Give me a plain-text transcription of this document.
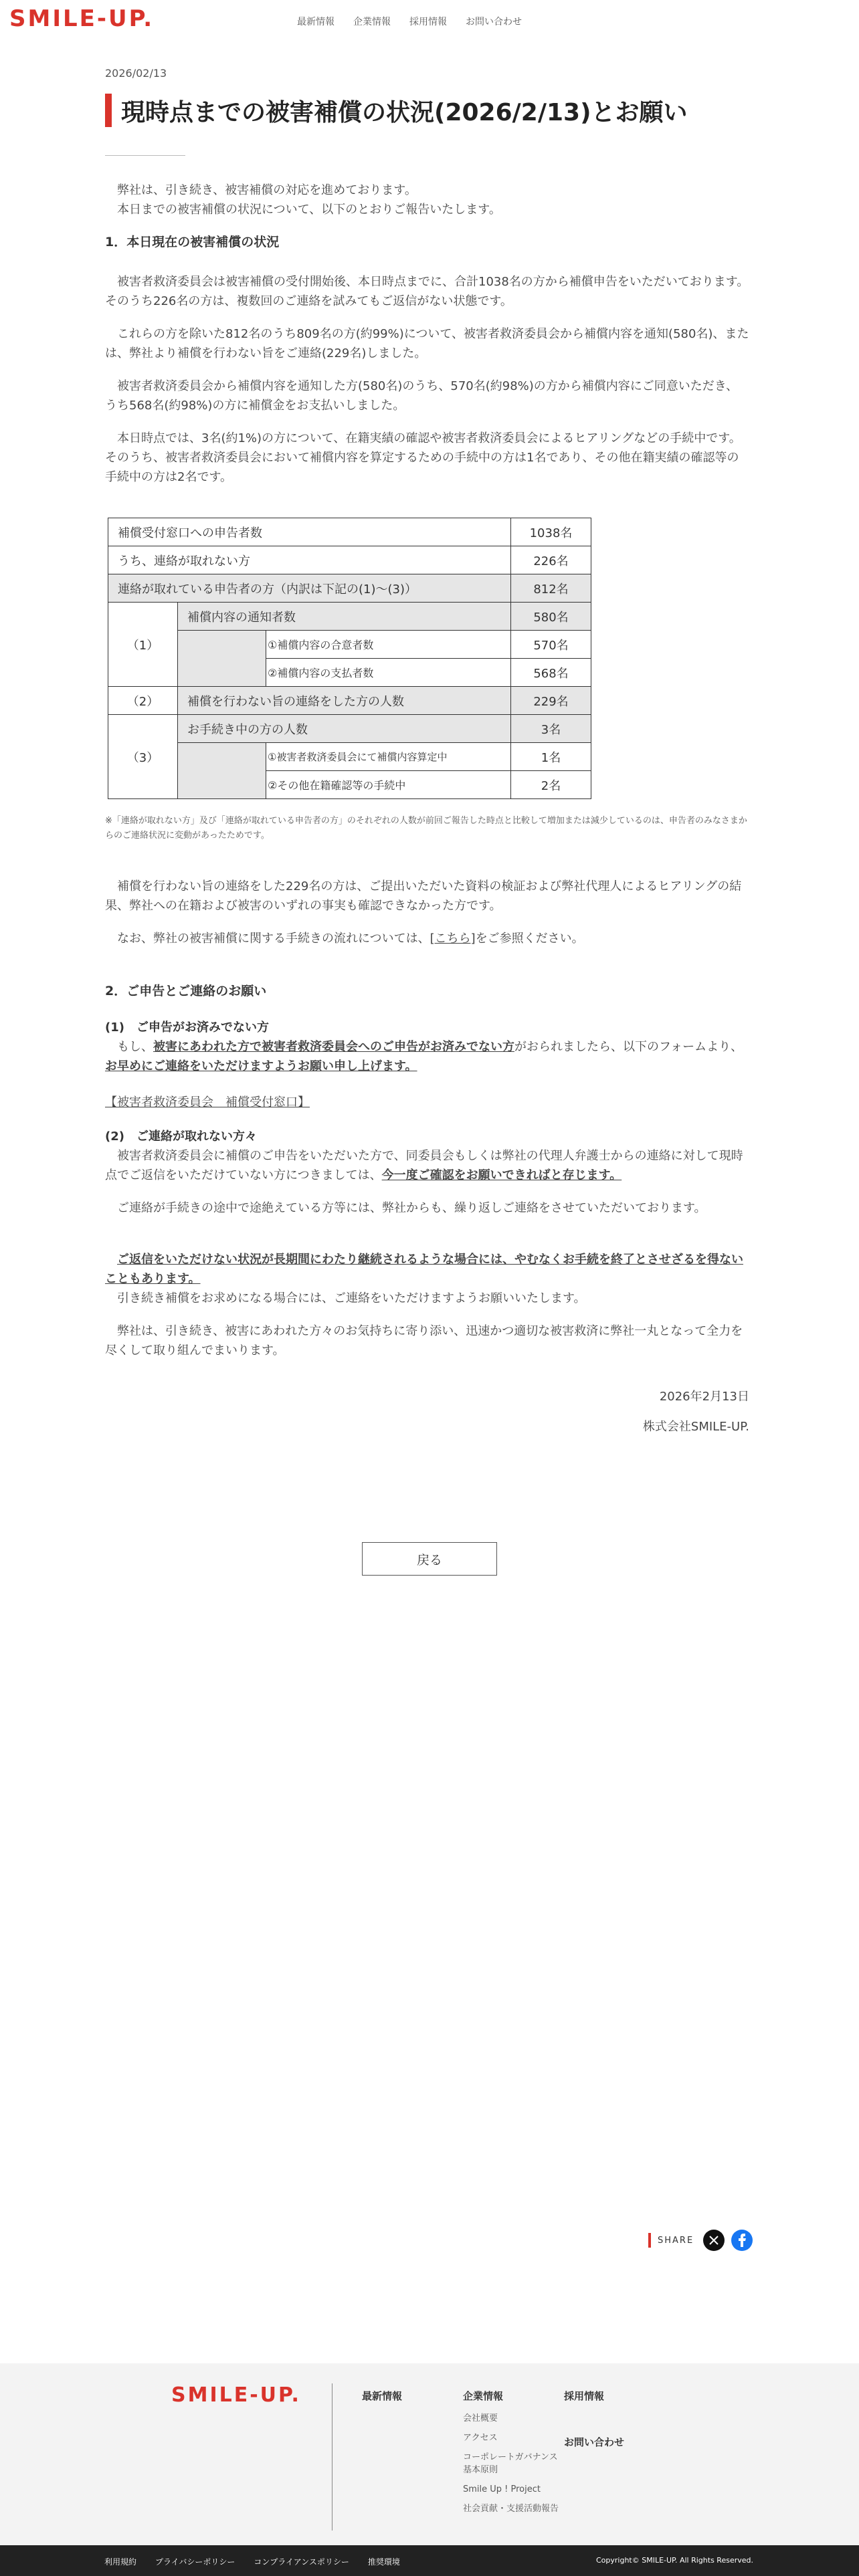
SMILE-UP.	最新情報 企業情報 採用情報 お問い合わせ
2026/02/13
現時点までの被害補償の状況(2026/2/13)とお願い

弊社は、引き続き、被害補償の対応を進めております。

本日までの被害補償の状況について、以下のとおりご報告いたします。

1．本日現在の被害補償の状況

被害者救済委員会は被害補償の受付開始後、本日時点までに、合計1038名の方から補償申告をいただいております。そのうち226名の方は、複数回のご連絡を試みてもご返信がない状態です。

これらの方を除いた812名のうち809名の方(約99%)について、被害者救済委員会から補償内容を通知(580名)、または、弊社より補償を行わない旨をご連絡(229名)しました。

被害者救済委員会から補償内容を通知した方(580名)のうち、570名(約98%)の方から補償内容にご同意いただき、うち568名(約98%)の方に補償金をお支払いしました。

本日時点では、3名(約1%)の方について、在籍実績の確認や被害者救済委員会によるヒアリングなどの手続中です。そのうち、被害者救済委員会において補償内容を算定するための手続中の方は1名であり、その他在籍実績の確認等の手続中の方は2名です。

補償受付窓口への申告者数			1038名
うち、連絡が取れない方			226名
連絡が取れている申告者の方（内訳は下記の(1)〜(3)）			812名
（1）	補償内容の通知者数		580名
		①補償内容の合意者数	570名
		②補償内容の支払者数	568名
（2）	補償を行わない旨の連絡をした方の人数		229名
（3）	お手続き中の方の人数		3名
		①被害者救済委員会にて補償内容算定中	1名
		②その他在籍確認等の手続中	2名

※「連絡が取れない方」及び「連絡が取れている申告者の方」のそれぞれの人数が前回ご報告した時点と比較して増加または減少しているのは、申告者のみなさまからのご連絡状況に変動があったためです。

補償を行わない旨の連絡をした229名の方は、ご提出いただいた資料の検証および弊社代理人によるヒアリングの結果、弊社への在籍および被害のいずれの事実も確認できなかった方です。

なお、弊社の被害補償に関する手続きの流れについては、[こちら]をご参照ください。

2．ご申告とご連絡のお願い

(1)　ご申告がお済みでない方

もし、被害にあわれた方で被害者救済委員会へのご申告がお済みでない方がおられましたら、以下のフォームより、お早めにご連絡をいただけますようお願い申し上げます。

【被害者救済委員会　補償受付窓口】

(2)　ご連絡が取れない方々

被害者救済委員会に補償のご申告をいただいた方で、同委員会もしくは弊社の代理人弁護士からの連絡に対して現時点でご返信をいただけていない方につきましては、今一度ご確認をお願いできればと存じます。

ご連絡が手続きの途中で途絶えている方等には、弊社からも、繰り返しご連絡をさせていただいております。

ご返信をいただけない状況が長期間にわたり継続されるような場合には、やむなくお手続を終了とさせざるを得ないこともあります。

引き続き補償をお求めになる場合には、ご連絡をいただけますようお願いいたします。

弊社は、引き続き、被害にあわれた方々のお気持ちに寄り添い、迅速かつ適切な被害救済に弊社一丸となって全力を尽くして取り組んでまいります。

2026年2月13日

株式会社SMILE-UP.

戻る
SHARE
SMILE-UP.	最新情報	企業情報
会社概要
アクセス
コーポレートガバナンス基本原則
Smile Up ! Project
社会貢献・支援活動報告
採用情報
お問い合わせ
利用規約 プライバシーポリシー コンプライアンスポリシー 推奨環境	Copyright© SMILE-UP. All Rights Reserved.
